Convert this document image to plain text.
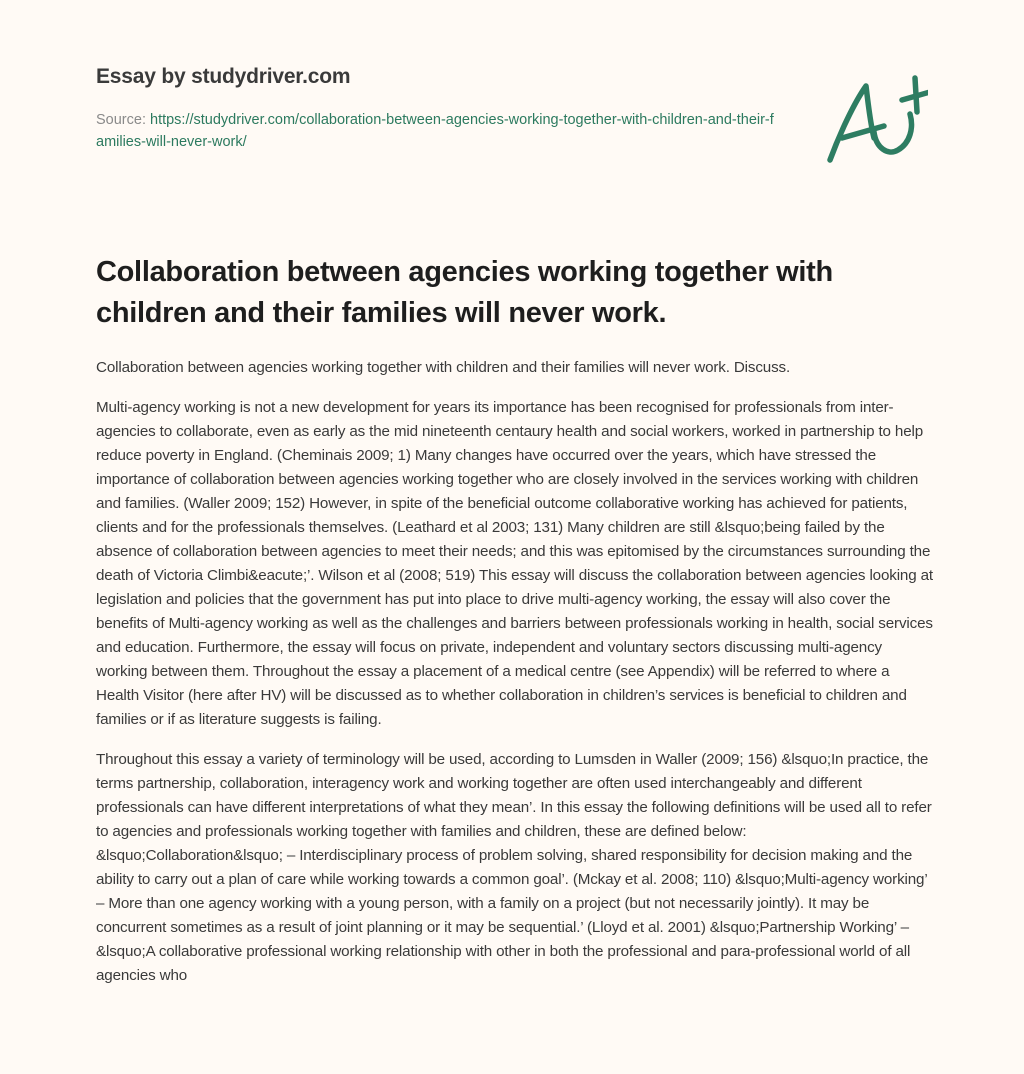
Essay by studydriver.com
Source: https://studydriver.com/collaboration-between-agencies-working-together-with-children-and-their-families-will-never-work/
Collaboration between agencies working together with children and their families will never work.

Collaboration between agencies working together with children and their families will never work. Discuss.

Multi-agency working is not a new development for years its importance has been recognised for professionals from inter-agencies to collaborate, even as early as the mid nineteenth centaury health and social workers, worked in partnership to help reduce poverty in England. (Cheminais 2009; 1) Many changes have occurred over the years, which have stressed the importance of collaboration between agencies working together who are closely involved in the services working with children and families. (Waller 2009; 152) However, in spite of the beneficial outcome collaborative working has achieved for patients, clients and for the professionals themselves. (Leathard et al 2003; 131) Many children are still &lsquo;being failed by the absence of collaboration between agencies to meet their needs; and this was epitomised by the circumstances surrounding the death of Victoria Climbi&eacute;’. Wilson et al (2008; 519) This essay will discuss the collaboration between agencies looking at legislation and policies that the government has put into place to drive multi-agency working, the essay will also cover the benefits of Multi-agency working as well as the challenges and barriers between professionals working in health, social services and education. Furthermore, the essay will focus on private, independent and voluntary sectors discussing multi-agency working between them. Throughout the essay a placement of a medical centre (see Appendix) will be referred to where a Health Visitor (here after HV) will be discussed as to whether collaboration in children’s services is beneficial to children and families or if as literature suggests is failing.

Throughout this essay a variety of terminology will be used, according to Lumsden in Waller (2009; 156) &lsquo;In practice, the terms partnership, collaboration, interagency work and working together are often used interchangeably and different professionals can have different interpretations of what they mean’. In this essay the following definitions will be used all to refer to agencies and professionals working together with families and children, these are defined below: &lsquo;Collaboration&lsquo; – Interdisciplinary process of problem solving, shared responsibility for decision making and the ability to carry out a plan of care while working towards a common goal’. (Mckay et al. 2008; 110) &lsquo;Multi-agency working’ – More than one agency working with a young person, with a family on a project (but not necessarily jointly). It may be concurrent sometimes as a result of joint planning or it may be sequential.’ (Lloyd et al. 2001) &lsquo;Partnership Working’ – &lsquo;A collaborative professional working relationship with other in both the professional and para-professional world of all agencies who
